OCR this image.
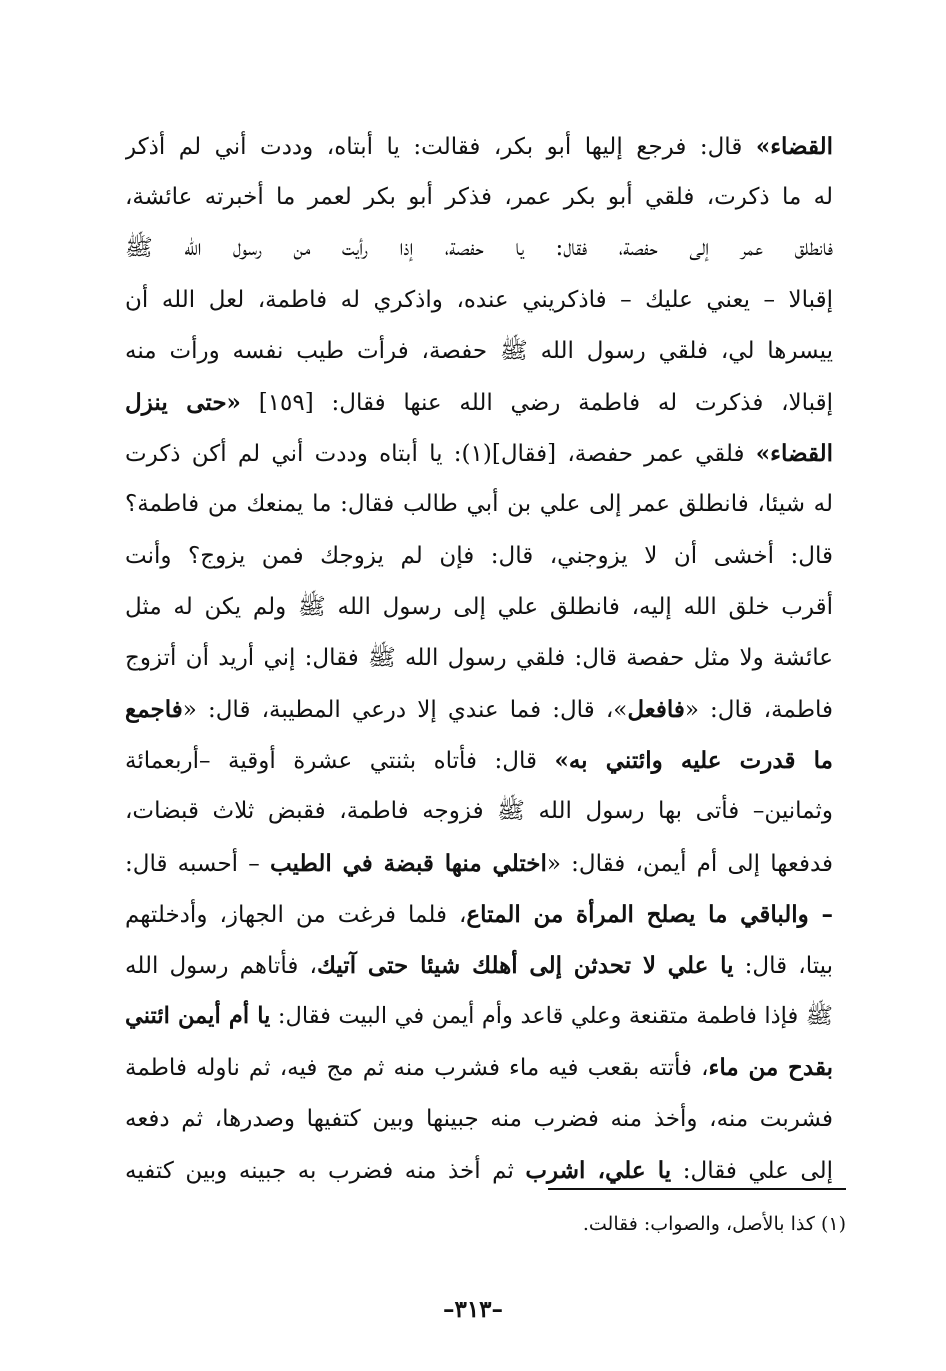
القضاء» قال: فرجع إليها أبو بكر، فقالت: يا أبتاه، وددت أني لم أذكر
له ما ذكرت، فلقي أبو بكر عمر، فذكر أبو بكر لعمر ما أخبرته عائشة،
فانطلق عمر إلى حفصة، فقال: يا حفصة، إذا رأيت من رسول الله ﷺ
إقبالا – يعني عليك – فاذكريني عنده، واذكري له فاطمة، لعل الله أن
ييسرها لي، فلقي رسول الله ﷺ حفصة، فرأت طيب نفسه ورأت منه
إقبالا، فذكرت له فاطمة رضي الله عنها فقال: [١٥٩] «حتى ينزل
القضاء» فلقي عمر حفصة، [فقال](١): يا أبتاه وددت أني لم أكن ذكرت
له شيئا، فانطلق عمر إلى علي بن أبي طالب فقال: ما يمنعك من فاطمة؟
قال: أخشى أن لا يزوجني، قال: فإن لم يزوجك فمن يزوج؟ وأنت
أقرب خلق الله إليه، فانطلق علي إلى رسول الله ﷺ ولم يكن له مثل
عائشة ولا مثل حفصة قال: فلقي رسول الله ﷺ فقال: إني أريد أن أتزوج
فاطمة، قال: «فافعل»، قال: فما عندي إلا درعي المطيبة، قال: «فاجمع
ما قدرت عليه وائتني به» قال: فأتاه بثنتي عشرة أوقية –أربعمائة
وثمانين– فأتى بها رسول الله ﷺ فزوجه فاطمة، فقبض ثلاث قبضات،
فدفعها إلى أم أيمن، فقال: «اختلي منها قبضة في الطيب – أحسبه قال:
– والباقي ما يصلح المرأة من المتاع، فلما فرغت من الجهاز، وأدخلتهم
بيتا، قال: يا علي لا تحدثن إلى أهلك شيئا حتى آتيك، فأتاهم رسول الله
ﷺ فإذا فاطمة متقنعة وعلي قاعد وأم أيمن في البيت فقال: يا أم أيمن ائتني
بقدح من ماء، فأتته بقعب فيه ماء فشرب منه ثم مج فيه، ثم ناوله فاطمة
فشربت منه، وأخذ منه فضرب منه جبينها وبين كتفيها وصدرها، ثم دفعه
إلى علي فقال: يا علي، اشرب ثم أخذ منه فضرب به جبينه وبين كتفيه
(١) كذا بالأصل، والصواب: فقالت.
–٣١٣–
